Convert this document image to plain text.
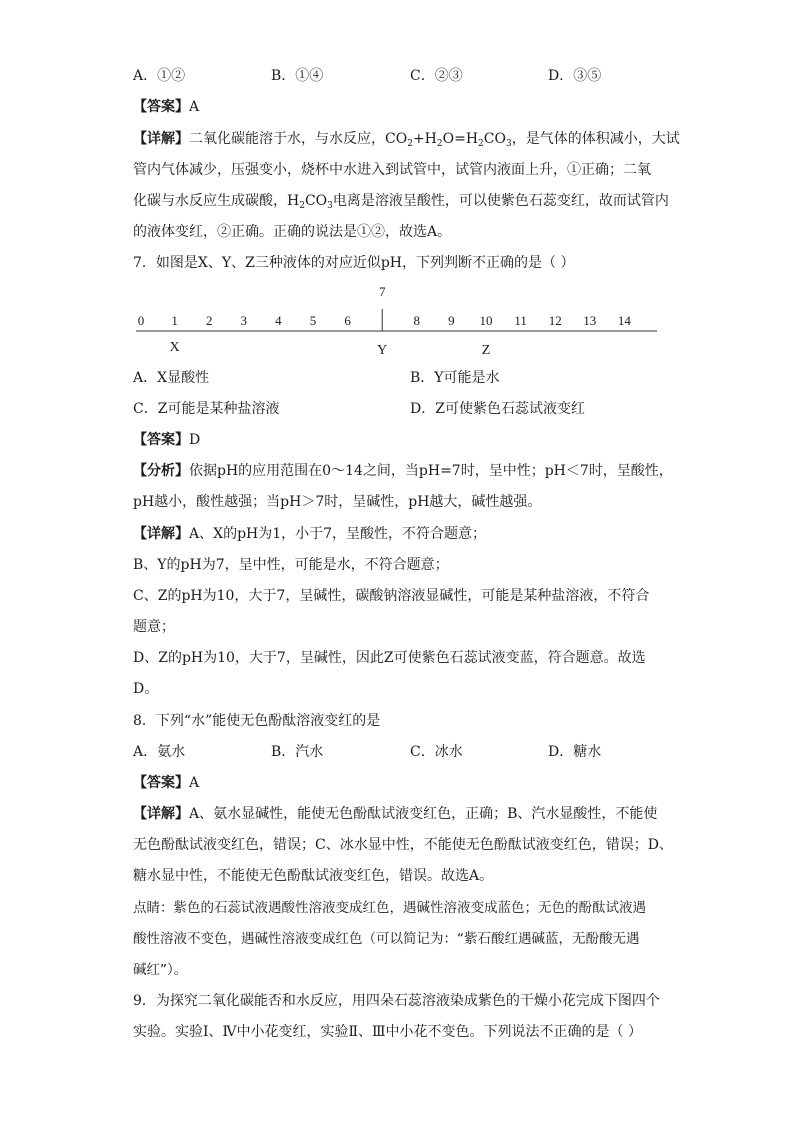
A．①②	B．①④	C．②③	D．③⑤
【答案】A
【详解】二氧化碳能溶于水，与水反应，$CO_2+H_2O=H_2CO_3$，是气体的体积减小，大试
管内气体减少，压强变小，烧杯中水进入到试管中，试管内液面上升，①正确；二氧
化碳与水反应生成碳酸，$H_2CO_3$电离是溶液呈酸性，可以使紫色石蕊变红，故而试管内
的液体变红，②正确。正确的说法是①②，故选A。
7．如图是X、Y、Z三种液体的对应近似pH，下列判断不正确的是（ ）
0 1 2 3 4 5 6
7
8 9 10 11 12 13 14
X	Y	Z
A．X显酸性	B．Y可能是水
C．Z可能是某种盐溶液	D．Z可使紫色石蕊试液变红
【答案】D
【分析】依据pH的应用范围在0～14之间，当pH=7时，呈中性；pH＜7时，呈酸性，
pH越小，酸性越强；当pH＞7时，呈碱性，pH越大，碱性越强。
【详解】A、X的pH为1，小于7，呈酸性，不符合题意；
B、Y的pH为7，呈中性，可能是水，不符合题意；
C、Z的pH为10，大于7，呈碱性，碳酸钠溶液显碱性，可能是某种盐溶液，不符合
题意；
D、Z的pH为10，大于7，呈碱性，因此Z可使紫色石蕊试液变蓝，符合题意。故选
D。
8．下列“水”能使无色酚酞溶液变红的是
A．氨水	B．汽水	C．冰水	D．糖水
【答案】A
【详解】A、氨水显碱性，能使无色酚酞试液变红色，正确；B、汽水显酸性，不能使
无色酚酞试液变红色，错误；C、冰水显中性，不能使无色酚酞试液变红色，错误；D、
糖水显中性，不能使无色酚酞试液变红色，错误。故选A。
点睛：紫色的石蕊试液遇酸性溶液变成红色，遇碱性溶液变成蓝色；无色的酚酞试液遇
酸性溶液不变色，遇碱性溶液变成红色（可以简记为：“紫石酸红遇碱蓝，无酚酸无遇
碱红”）。
9．为探究二氧化碳能否和水反应，用四朵石蕊溶液染成紫色的干燥小花完成下图四个
实验。实验Ⅰ、Ⅳ中小花变红，实验Ⅱ、Ⅲ中小花不变色。下列说法不正确的是（ ）
